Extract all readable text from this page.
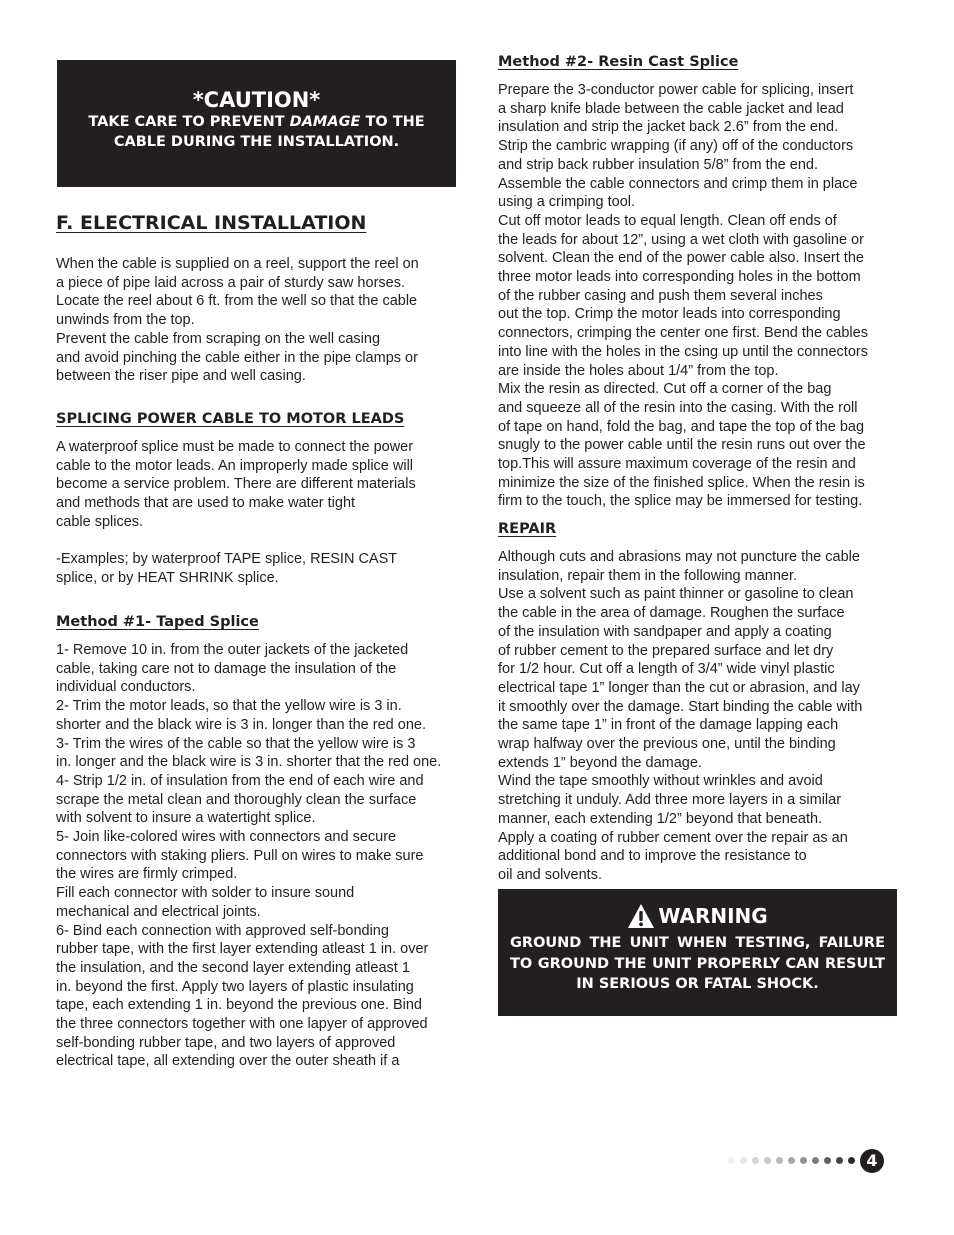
*CAUTION*
TAKE CARE TO PREVENT DAMAGE TO THE
CABLE DURING THE INSTALLATION.
F. ELECTRICAL INSTALLATION

When the cable is supplied on a reel, support the reel on
a piece of pipe laid across a pair of sturdy saw horses.
Locate the reel about 6 ft. from the well so that the cable
unwinds from the top.
Prevent the cable from scraping on the well casing
and avoid pinching the cable either in the pipe clamps or
between the riser pipe and well casing.

SPLICING POWER CABLE TO MOTOR LEADS

A waterproof splice must be made to connect the power
cable to the motor leads. An improperly made splice will
become a service problem. There are different materials
and methods that are used to make water tight
cable splices.

-Examples; by waterproof TAPE splice, RESIN CAST
splice, or by HEAT SHRINK splice.

Method #1- Taped Splice
1- Remove 10 in. from the outer jackets of the jacketed
cable, taking care not to damage the insulation of the
individual conductors.
2- Trim the motor leads, so that the yellow wire is 3 in.
shorter and the black wire is 3 in. longer than the red one.
3- Trim the wires of the cable so that the yellow wire is 3
in. longer and the black wire is 3 in. shorter that the red one.
4- Strip 1/2 in. of insulation from the end of each wire and
scrape the metal clean and thoroughly clean the surface
with solvent to insure a watertight splice.
5- Join like-colored wires with connectors and secure
connectors with staking pliers. Pull on wires to make sure
the wires are firmly crimped.
Fill each connector with solder to insure sound
mechanical and electrical joints.
6- Bind each connection with approved self-bonding
rubber tape, with the first layer extending atleast 1 in. over
the insulation, and the second layer extending atleast 1
in. beyond the first. Apply two layers of plastic insulating
tape, each extending 1 in. beyond the previous one. Bind
the three connectors together with one lapyer of approved
self-bonding rubber tape, and two layers of approved
electrical tape, all extending over the outer sheath if a
Method #2- Resin Cast Splice

Prepare the 3-conductor power cable for splicing, insert
a sharp knife blade between the cable jacket and lead
insulation and strip the jacket back 2.6” from the end.
Strip the cambric wrapping (if any) off of the conductors
and strip back rubber insulation 5/8” from the end.
Assemble the cable connectors and crimp them in place
using a crimping tool.
Cut off motor leads to equal length. Clean off ends of
the leads for about 12”, using a wet cloth with gasoline or
solvent. Clean the end of the power cable also. Insert the
three motor leads into corresponding holes in the bottom
of the rubber casing and push them several inches
out the top. Crimp the motor leads into corresponding
connectors, crimping the center one first. Bend the cables
into line with the holes in the csing up until the connectors
are inside the holes about 1/4” from the top.
Mix the resin as directed. Cut off a corner of the bag
and squeeze all of the resin into the casing. With the roll
of tape on hand, fold the bag, and tape the top of the bag
snugly to the power cable until the resin runs out over the
top.This will assure maximum coverage of the resin and
minimize the size of the finished splice. When the resin is
firm to the touch, the splice may be immersed for testing.

REPAIR

Although cuts and abrasions may not puncture the cable
insulation, repair them in the following manner.
Use a solvent such as paint thinner or gasoline to clean
the cable in the area of damage. Roughen the surface
of the insulation with sandpaper and apply a coating
of rubber cement to the prepared surface and let dry
for 1/2 hour. Cut off a length of 3/4” wide vinyl plastic
electrical tape 1” longer than the cut or abrasion, and lay
it smoothly over the damage. Start binding the cable with
the same tape 1” in front of the damage lapping each
wrap halfway over the previous one, until the binding
extends 1” beyond the damage.
Wind the tape smoothly without wrinkles and avoid
stretching it unduly. Add three more layers in a similar
manner, each extending 1/2” beyond that beneath.
Apply a coating of rubber cement over the repair as an
additional bond and to improve the resistance to
oil and solvents.

WARNING
GROUND THE UNIT WHEN TESTING, FAILURE TO GROUND THE UNIT PROPERLY CAN RESULT IN SERIOUS OR FATAL SHOCK.
4
